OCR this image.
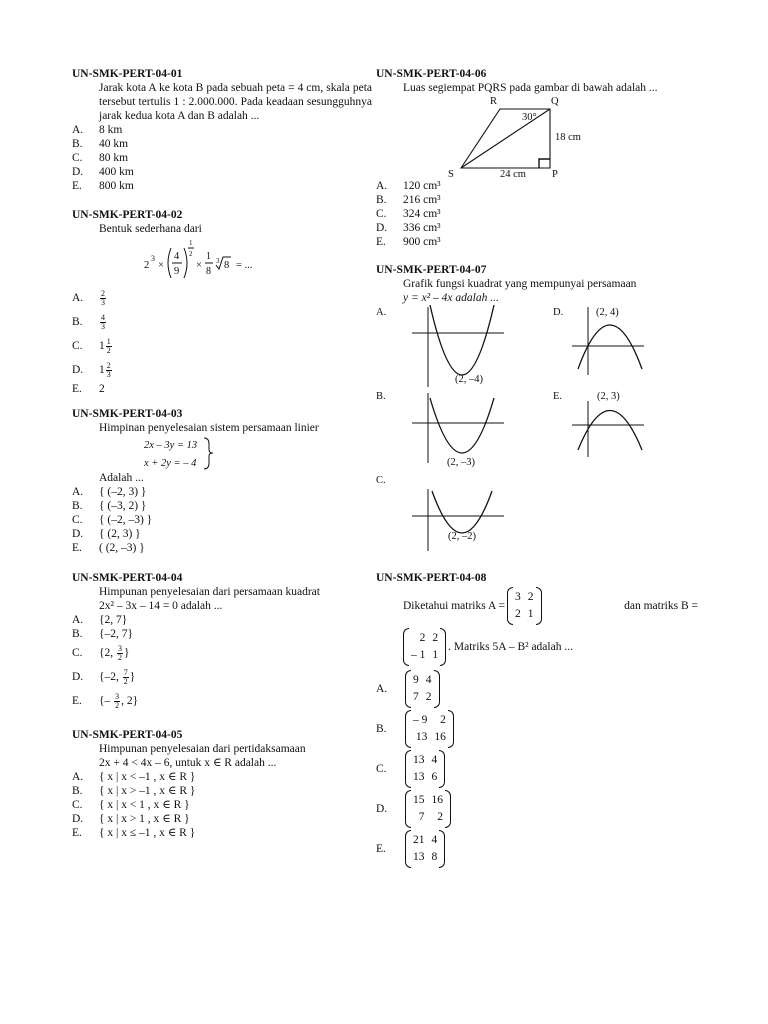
UN-SMK-PERT-04-01
Jarak kota A ke kota B pada sebuah peta = 4 cm, skala peta tersebut tertulis 1 : 2.000.000. Pada keadaan sesungguhnya jarak kedua kota A dan B adalah ...
A.	8 km
B.	40 km
C.	80 km
D.	400 km
E.	800 km
UN-SMK-PERT-04-02
Bentuk sederhana dari
2
3
×
4
9
1
2
×
1
8
3 8 = ...
A.	$\frac{2}{3}$
B.	$\frac{4}{3}$
C.	$1 \frac{1}{2}$
D.	$1 \frac{2}{3}$
E.	2
UN-SMK-PERT-04-03
Himpinan penyelesaian sistem persamaan linier
2x – 3y = 13
x + 2y = – 4
Adalah ...
A.	{ (–2, 3) }
B.	{ (–3, 2) }
C.	{ (–2, –3) }
D.	{ (2, 3) }
E.	( (2, –3) }
UN-SMK-PERT-04-04
Himpunan penyelesaian dari persamaan kuadrat
2x² – 3x – 14 = 0 adalah ...
A.	{2, 7}
B.	{–2, 7}
C.	{2, $\frac{3}{2}$ }
D.	{–2, $\frac{7}{2}$ }
E.	{– $\frac{3}{2}$ , 2}
UN-SMK-PERT-04-05
Himpunan penyelesaian dari pertidaksamaan
2x + 4 < 4x – 6, untuk x ∈ R adalah ...
A.	{ x | x < –1 , x ∈ R }
B.	{ x | x > –1 , x ∈ R }
C.	{ x | x < 1 , x ∈ R }
D.	{ x | x > 1 , x ∈ R }
E.	{ x | x ≤ –1 , x ∈ R }
UN-SMK-PERT-04-06
Luas segiempat PQRS pada gambar di bawah adalah ...
R	Q
S	P
30°
18 cm
24 cm
A.	120 cm³
B.	216 cm³
C.	324 cm³
D.	336 cm³
E.	900 cm³
UN-SMK-PERT-04-07
Grafik fungsi kuadrat yang mempunyai persamaan
y = x² – 4x adalah ...
A.
(2, –4)
D.	(2, 4)
B.
(2, –3)
E.	(2, 3)
C.
(2, –2)
UN-SMK-PERT-04-08
Diketahui matriks A =
3 2
2 1
dan matriks B =
2 2
– 1 1
. Matriks 5A – B² adalah ...
A.
9 4
7 2
B.
– 9	2
13 16
C.
13 4
13 6
D.
15 16
7	2
E.
21 4
13 8
